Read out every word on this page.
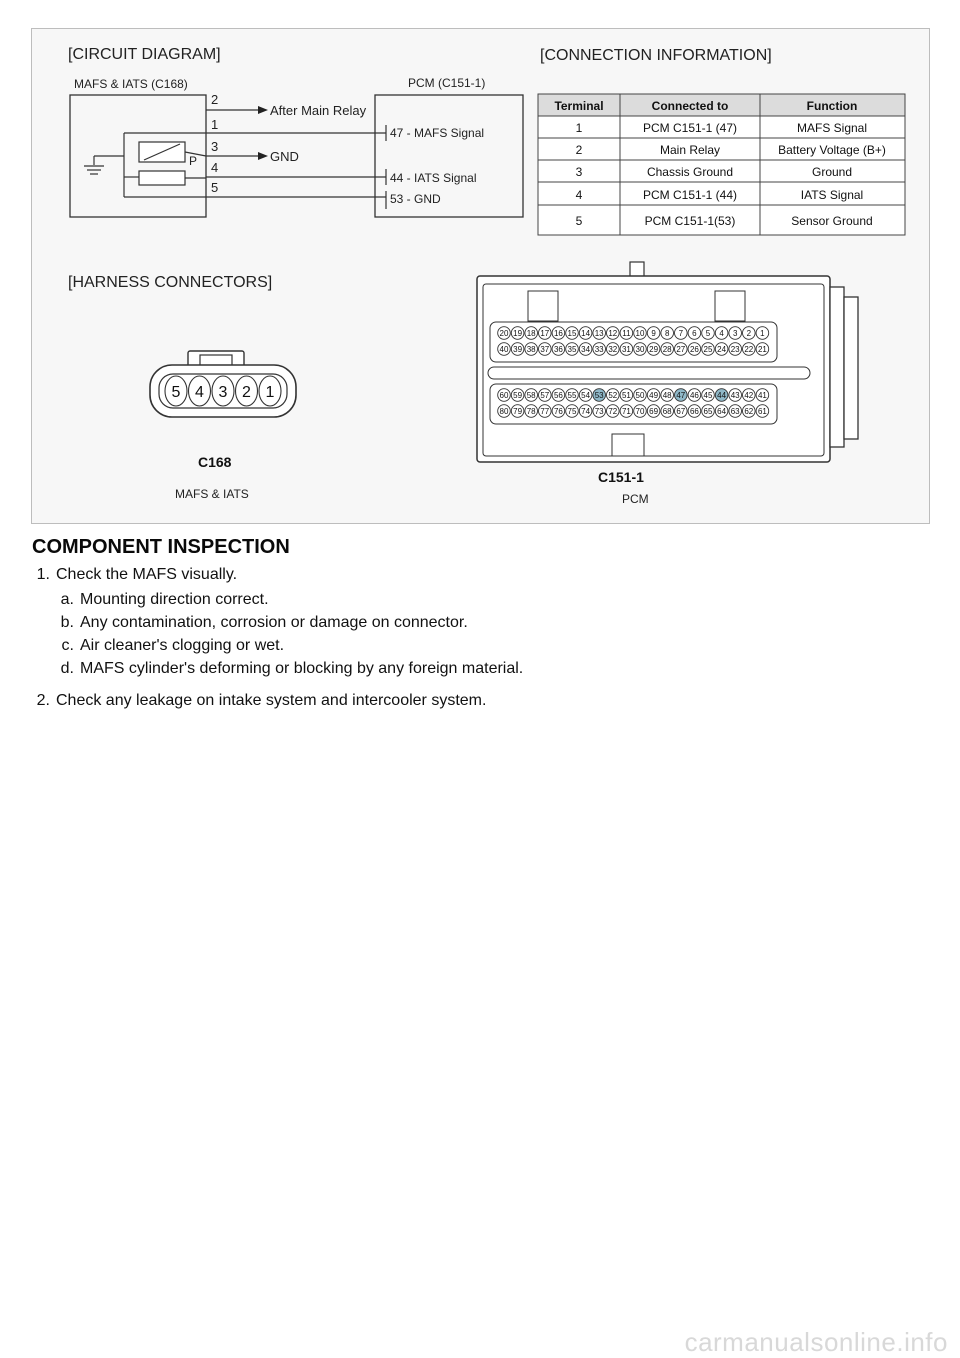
[CIRCUIT DIAGRAM]
MAFS & IATS (C168)	PCM (C151-1)
2
1
3
4
5
After Main Relay
47 - MAFS Signal
GND
44 - IATS Signal
53 - GND
P
[CONNECTION INFORMATION]
Terminal	Connected to	Function
1	PCM C151-1 (47)	MAFS Signal
2	Main Relay	Battery Voltage (B+)
3	Chassis Ground	Ground
4	PCM C151-1 (44)	IATS Signal
5	PCM C151-1(53)	Sensor Ground
[HARNESS CONNECTORS]
5 4 3 2 1
C168
MAFS & IATS
20 19 18 17 16 15 14 13 12 11 10 9 8 7 6 5 4 3 2 1
40 39 38 37 36 35 34 33 32 31 30 29 28 27 26 25 24 23 22 21
60 59 58 57 56 55 54 53 52 51 50 49 48 47 46 45 44 43 42 41
80 79 78 77 76 75 74 73 72 71 70 69 68 67 66 65 64 63 62 61
C151-1
PCM
COMPONENT INSPECTION
1. Check the MAFS visually.
a. Mounting direction correct.
b. Any contamination, corrosion or damage on connector.
c. Air cleaner's clogging or wet.
d. MAFS cylinder's deforming or blocking by any foreign material.
2. Check any leakage on intake system and intercooler system.
carmanualsonline.info
